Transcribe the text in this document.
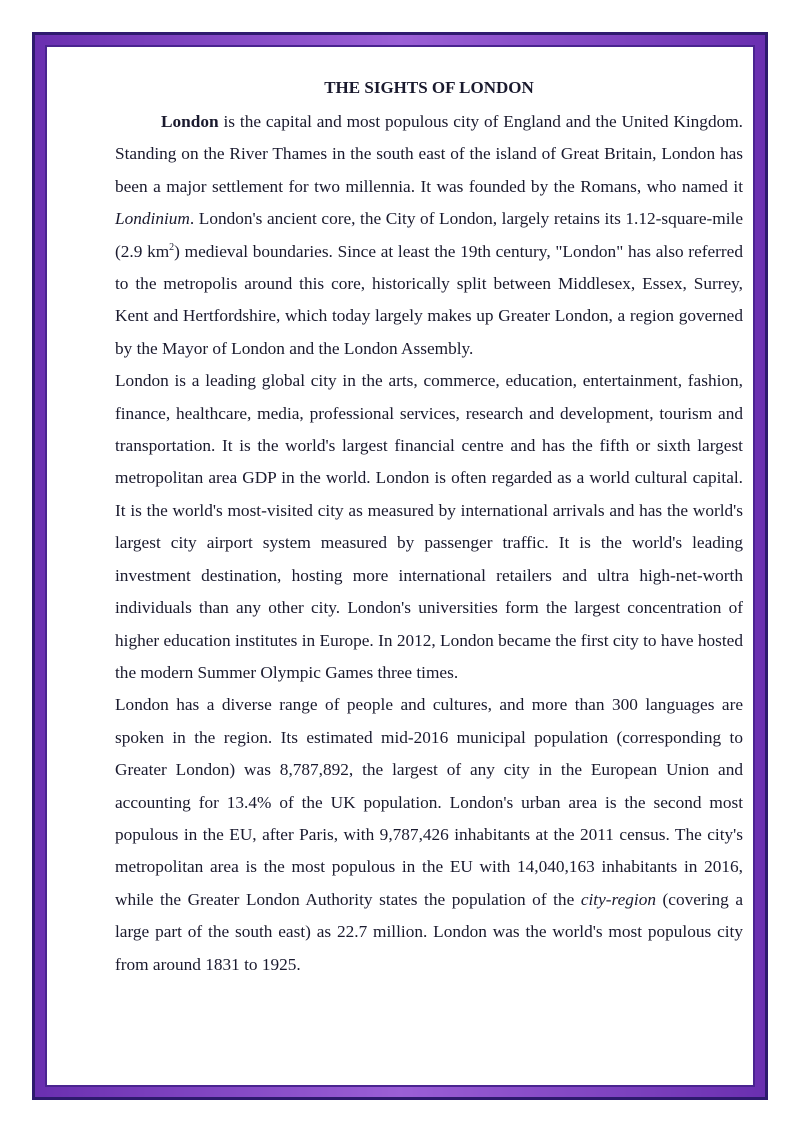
THE SIGHTS OF LONDON

London is the capital and most populous city of England and the United Kingdom. Standing on the River Thames in the south east of the island of Great Britain, London has been a major settlement for two millennia. It was founded by the Romans, who named it Londinium. London's ancient core, the City of London, largely retains its 1.12-square-mile (2.9 $km^2$) medieval boundaries. Since at least the 19th century, "London" has also referred to the metropolis around this core, historically split between Middlesex, Essex, Surrey, Kent and Hertfordshire, which today largely makes up Greater London, a region governed by the Mayor of London and the London Assembly.

London is a leading global city in the arts, commerce, education, entertainment, fashion, finance, healthcare, media, professional services, research and development, tourism and transportation. It is the world's largest financial centre and has the fifth or sixth largest metropolitan area GDP in the world. London is often regarded as a world cultural capital. It is the world's most-visited city as measured by international arrivals and has the world's largest city airport system measured by passenger traffic. It is the world's leading investment destination, hosting more international retailers and ultra high-net-worth individuals than any other city. London's universities form the largest concentration of higher education institutes in Europe. In 2012, London became the first city to have hosted the modern Summer Olympic Games three times.

London has a diverse range of people and cultures, and more than 300 languages are spoken in the region. Its estimated mid-2016 municipal population (corresponding to Greater London) was 8,787,892, the largest of any city in the European Union and accounting for 13.4% of the UK population. London's urban area is the second most populous in the EU, after Paris, with 9,787,426 inhabitants at the 2011 census. The city's metropolitan area is the most populous in the EU with 14,040,163 inhabitants in 2016, while the Greater London Authority states the population of the city-region (covering a large part of the south east) as 22.7 million. London was the world's most populous city from around 1831 to 1925.
